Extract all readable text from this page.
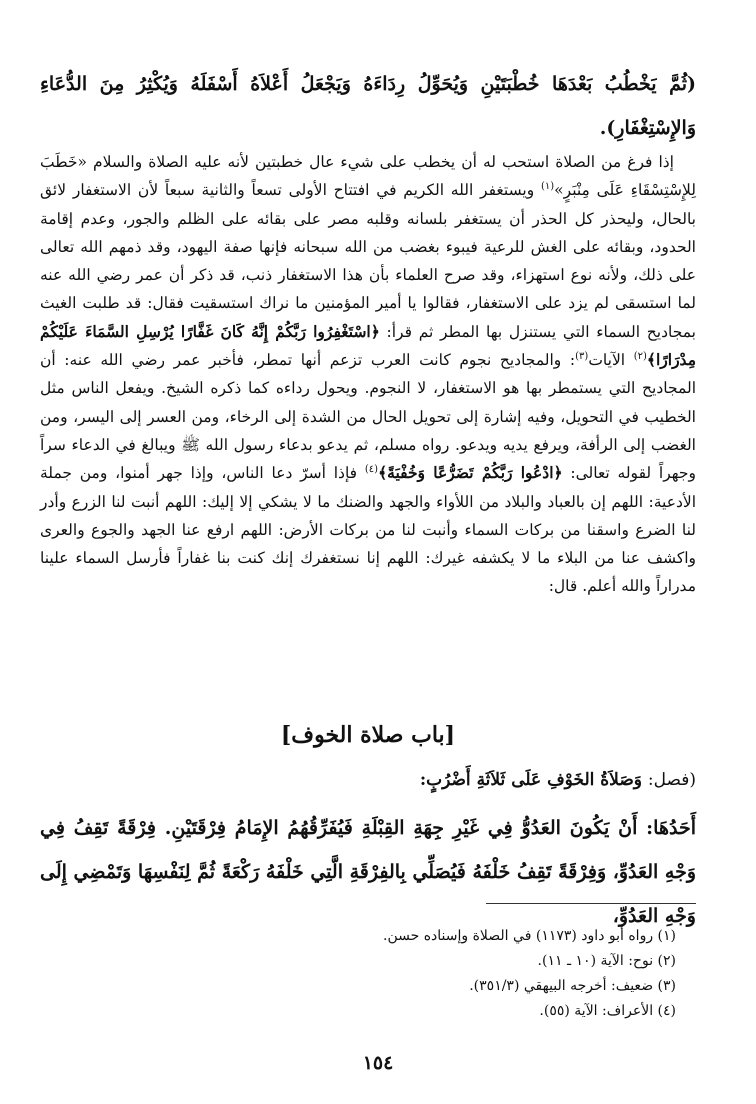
(ثُمَّ يَخْطُبُ بَعْدَهَا خُطْبَتَيْنِ وَيُحَوِّلُ رِدَاءَهُ وَيَجْعَلُ أَعْلاَهُ أَسْفَلَهُ وَيُكْثِرُ مِنَ الدُّعَاءِ وَالإِسْتِغْفَارِ).

إذا فرغ من الصلاة استحب له أن يخطب على شيء عال خطبتين لأنه عليه الصلاة والسلام «خَطَبَ لِلإِسْتِسْقَاءِ عَلَى مِنْبَرٍ»$^{(١)}$ ويستغفر الله الكريم في افتتاح الأولى تسعاً والثانية سبعاً لأن الاستغفار لائق بالحال، وليحذر كل الحذر أن يستغفر بلسانه وقلبه مصر على بقائه على الظلم والجور، وعدم إقامة الحدود، وبقائه على الغش للرعية فيبوء بغضب من الله سبحانه فإنها صفة اليهود، وقد ذمهم الله تعالى على ذلك، ولأنه نوع استهزاء، وقد صرح العلماء بأن هذا الاستغفار ذنب، قد ذكر أن عمر رضي الله عنه لما استسقى لم يزد على الاستغفار، فقالوا يا أمير المؤمنين ما نراك استسقيت فقال: قد طلبت الغيث بمجاديح السماء التي يستنزل بها المطر ثم قرأ: ﴿اسْتَغْفِرُوا رَبَّكُمْ إِنَّهُ كَانَ غَفَّارًا يُرْسِلِ السَّمَاءَ عَلَيْكُمْ مِدْرَارًا﴾$^{(٢)}$ الآيات$^{(٣)}$: والمجاديح نجوم كانت العرب تزعم أنها تمطر، فأخبر عمر رضي الله عنه: أن المجاديح التي يستمطر بها هو الاستغفار، لا النجوم. ويحول رداءه كما ذكره الشيخ. ويفعل الناس مثل الخطيب في التحويل، وفيه إشارة إلى تحويل الحال من الشدة إلى الرخاء، ومن العسر إلى اليسر، ومن الغضب إلى الرأفة، ويرفع يديه ويدعو. رواه مسلم، ثم يدعو بدعاء رسول الله ﷺ ويبالغ في الدعاء سراً وجهراً لقوله تعالى: ﴿ادْعُوا رَبَّكُمْ تَضَرُّعًا وَخُفْيَةً﴾$^{(٤)}$ فإذا أسرّ دعا الناس، وإذا جهر أمنوا، ومن جملة الأدعية: اللهم إن بالعباد والبلاد من اللأواء والجهد والضنك ما لا يشكي إلا إليك: اللهم أنبت لنا الزرع وأدر لنا الضرع واسقنا من بركات السماء وأنبت لنا من بركات الأرض: اللهم ارفع عنا الجهد والجوع والعرى واكشف عنا من البلاء ما لا يكشفه غيرك: اللهم إنا نستغفرك إنك كنت بنا غفاراً فأرسل السماء علينا مدراراً والله أعلم. قال:

[باب صلاة الخوف]
(فصل: وَصَلاَةُ الخَوْفِ عَلَى ثَلاَثَةِ أَضْرُبٍ:
أَحَدُهَا: أَنْ يَكُونَ العَدُوُّ فِي غَيْرِ جِهَةِ القِبْلَةِ فَيُفَرِّقُهُمُ الإِمَامُ فِرْقَتَيْنِ. فِرْقَةً تَقِفُ فِي وَجْهِ العَدُوِّ، وَفِرْقَةً تَقِفُ خَلْفَهُ فَيُصَلِّي بِالفِرْقَةِ الَّتِي خَلْفَهُ رَكْعَةً ثُمَّ لِنَفْسِهَا وَتَمْضِي إِلَى وَجْهِ العَدُوِّ،
(١) رواه أبو داود (١١٧٣) في الصلاة وإسناده حسن.
(٢) نوح: الآية (١٠ ـ ١١).
(٣) ضعيف: أخرجه البيهقي (٣٥١/٣).
(٤) الأعراف: الآية (٥٥).
١٥٤
